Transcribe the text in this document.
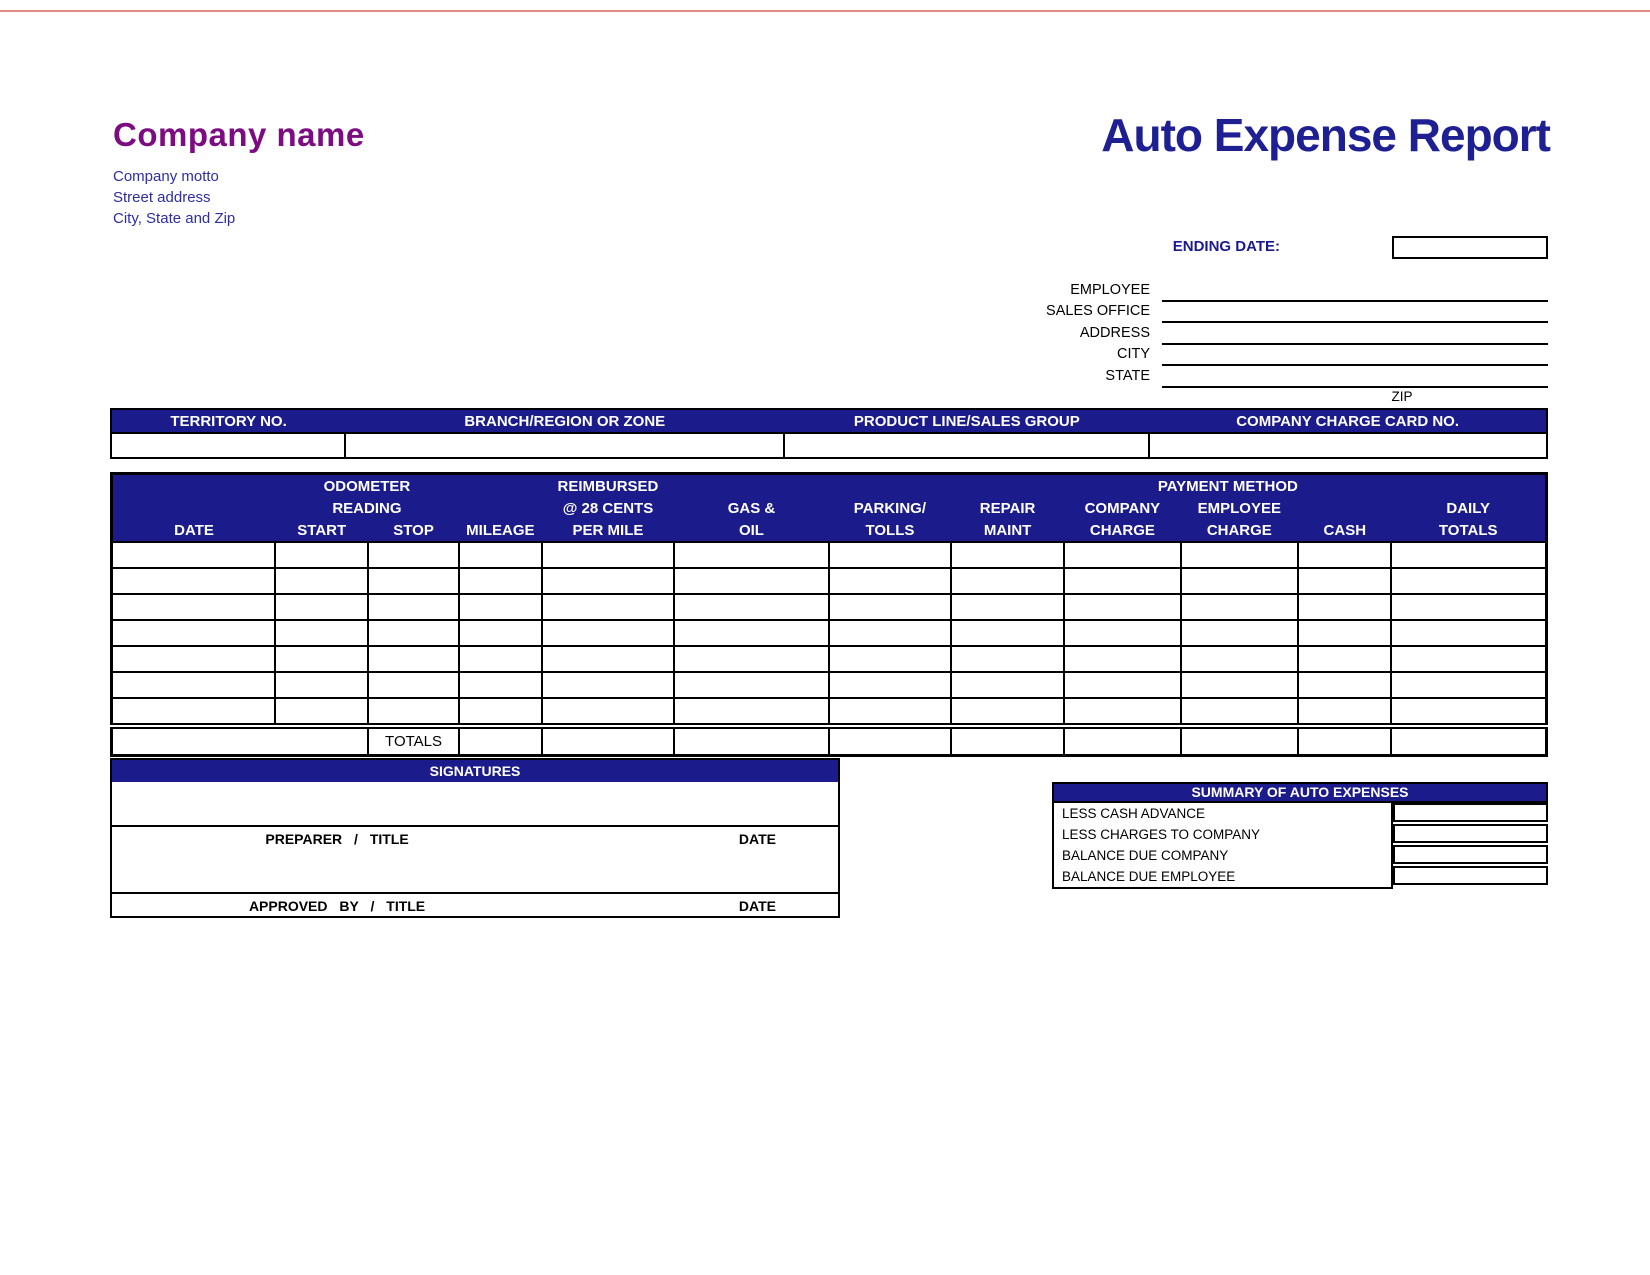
Company name
Company motto
Street address
City, State and Zip
Auto Expense Report
ENDING DATE:
EMPLOYEE
SALES OFFICE
ADDRESS
CITY
STATE
ZIP
TERRITORY NO.	BRANCH/REGION OR ZONE	PRODUCT LINE/SALES GROUP	COMPANY CHARGE CARD NO.

	ODOMETER			REIMBURSED				PAYMENT METHOD			
	READING			@ 28 CENTS	GAS &	PARKING/	REPAIR	COMPANY	EMPLOYEE		DAILY
DATE	START	STOP	MILEAGE	PER MILE	OIL	TOLLS	MAINT	CHARGE	CHARGE	CASH	TOTALS

		TOTALS									
SIGNATURES
PREPARER / TITLE	DATE
APPROVED BY / TITLE	DATE
SUMMARY OF AUTO EXPENSES
LESS CASH ADVANCE
LESS CHARGES TO COMPANY
BALANCE DUE COMPANY
BALANCE DUE EMPLOYEE
